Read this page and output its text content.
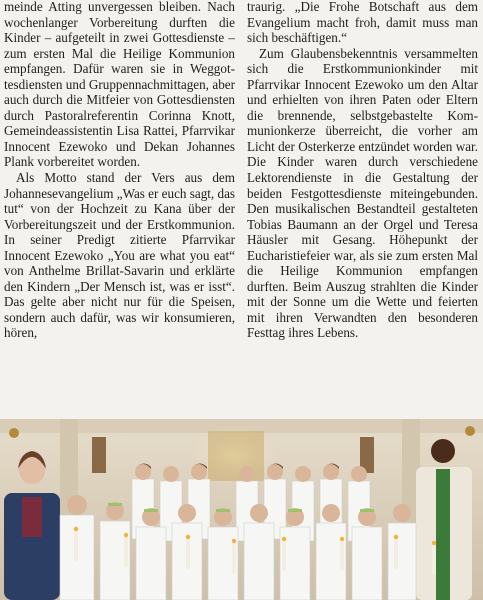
meinde Atting unvergessen bleiben. Nach wochenlanger Vorbereitung durften die Kinder – aufgeteilt in zwei Gottesdienste – zum ersten Mal die Heilige Kommunion empfangen. Dafür waren sie in Weggottesdiensten und Gruppennachmittagen, aber auch durch die Mitfeier von Gottesdiensten durch Pastoralreferentin Corinna Knott, Gemeindeassistentin Lisa Rattei, Pfarrvikar Innocent Ezewoko und Dekan Johannes Plank vorbereitet worden.

Als Motto stand der Vers aus dem Johannesevangelium „Was er euch sagt, das tut“ von der Hochzeit zu Kana über der Vorbereitungszeit und der Erstkommunion. In seiner Predigt zitierte Pfarrvikar Innocent Ezewoko „You are what you eat“ von Anthelme Brillat-Savarin und erklärte den Kindern „Der Mensch ist, was er isst“. Das gelte aber nicht nur für die Speisen, sondern auch dafür, was wir konsumieren, hören,

traurig. „Die Frohe Botschaft aus dem Evangelium macht froh, damit muss man sich beschäftigen.“

Zum Glaubensbekenntnis versammelten sich die Erstkommunionkinder mit Pfarrvikar Innocent Ezewoko um den Altar und erhielten von ihren Paten oder Eltern die brennende, selbstgebastelte Kommunionkerze überreicht, die vorher am Licht der Osterkerze entzündet worden war. Die Kinder waren durch verschiedene Lektorendienste in die Gestaltung der beiden Festgottesdienste miteingebunden. Den musikalischen Bestandteil gestalteten Tobias Baumann an der Orgel und Teresa Häusler mit Gesang. Höhepunkt der Eucharistiefeier war, als sie zum ersten Mal die Heilige Kommunion empfangen durften. Beim Auszug strahlten die Kinder mit der Sonne um die Wette und feierten mit ihren Verwandten den besonderen Festtag ihres Lebens.
